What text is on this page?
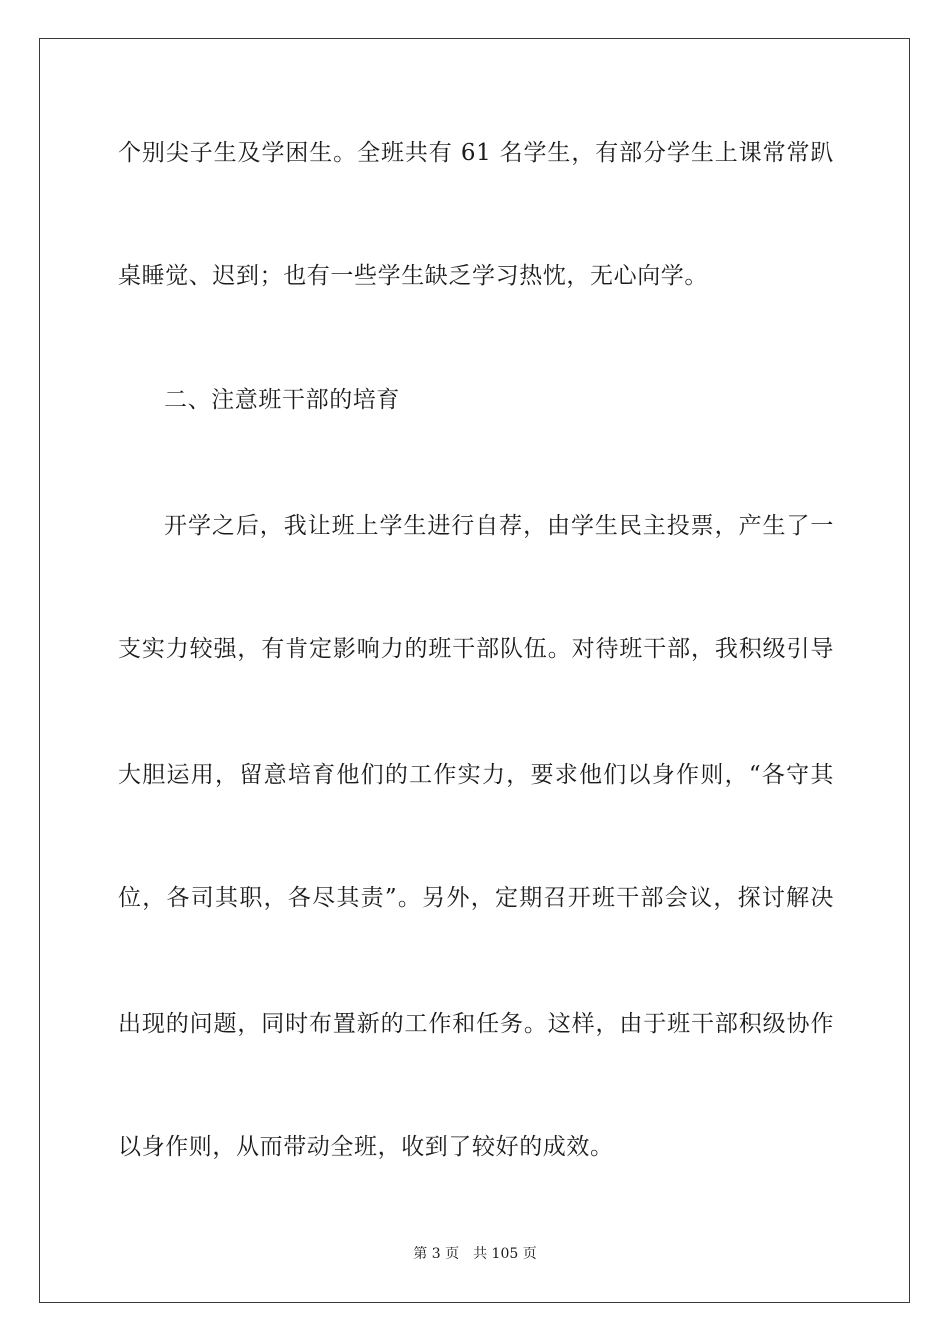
个别尖子生及学困生。全班共有 61 名学生，有部分学生上课常常趴
桌睡觉、迟到；也有一些学生缺乏学习热忱，无心向学。
二、注意班干部的培育
开学之后，我让班上学生进行自荐，由学生民主投票，产生了一
支实力较强，有肯定影响力的班干部队伍。对待班干部，我积级引导
大胆运用，留意培育他们的工作实力，要求他们以身作则，“各守其
位，各司其职，各尽其责”。另外，定期召开班干部会议，探讨解决
出现的问题，同时布置新的工作和任务。这样，由于班干部积级协作
以身作则，从而带动全班，收到了较好的成效。
第 3 页 共 105 页
